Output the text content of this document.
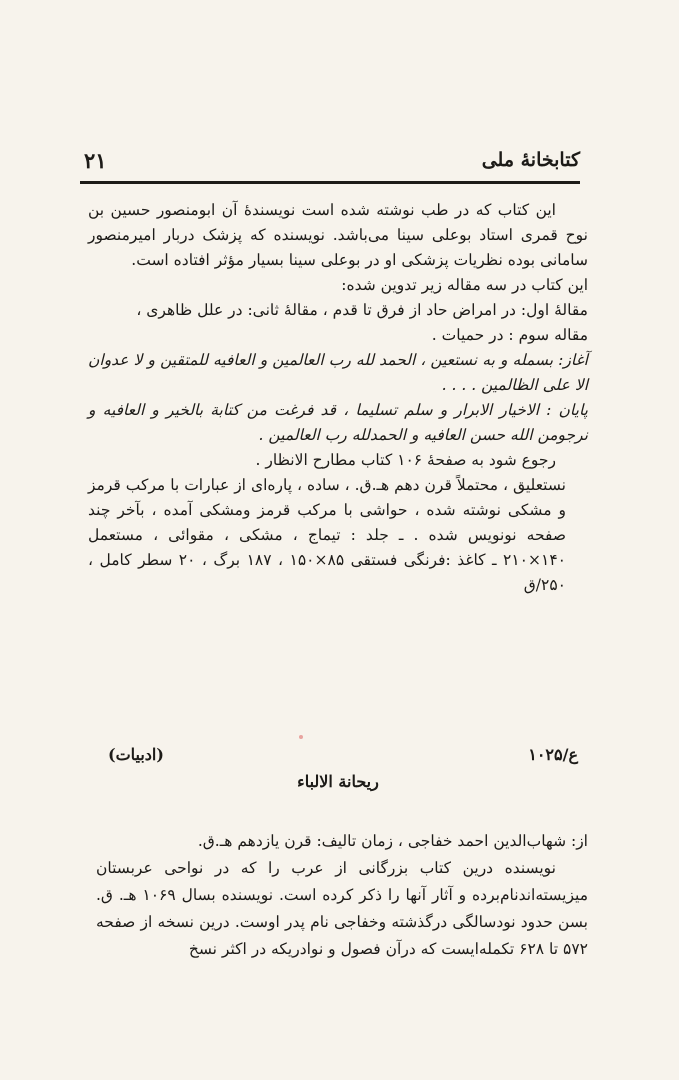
۲۱	کتابخانهٔ ملی

این کتاب که در طب نوشته شده است نویسندهٔ آن ابومنصور حسین بن نوح قمری استاد بوعلی سینا می‌باشد. نویسنده که پزشک دربار امیرمنصور سامانی بوده نظریات پزشکی او در بوعلی سینا بسیار مؤثر افتاده است.

این کتاب در سه مقاله زیر تدوین شده:

مقالهٔ اول: در امراض حاد از فرق تا قدم ، مقالهٔ ثانی: در علل ظاهری ،

مقاله سوم : در حمیات .

آغاز: بسمله و به نستعین ، الحمد لله رب العالمین و العافیه للمتقین و لا عدوان الا علی الظالمین . . . .

پایان : الاخیار الابرار و سلم تسلیما ، قد فرغت من کتابة بالخیر و العافیه و نرجومن الله حسن العافیه و الحمدلله رب العالمین .

رجوع شود به صفحهٔ ۱۰۶ کتاب مطارح الانظار .

نستعلیق ، محتملاً قرن دهم هـ.ق. ، ساده ، پاره‌ای از عبارات با مرکب قرمز و مشکی نوشته شده ، حواشی با مرکب قرمز ومشکی آمده ، بآخر چند صفحه نونویس شده . ـ جلد : تیماج ، مشکی ، مقوائی ، مستعمل ۱۴۰×۲۱۰ ـ کاغذ :فرنگی فستقی ۸۵×۱۵۰ ، ۱۸۷ برگ ، ۲۰ سطر کامل ، ۲۵۰/ق

(ادبیات)	۱۰۲۵/ع
ریحانة الالباء

از: شهاب‌الدین احمد خفاجی ، زمان تالیف: قرن یازدهم هـ.ق.

نویسنده درین کتاب بزرگانی از عرب را که در نواحی عربستان میزیسته‌اندنام‌برده و آثار آنها را ذکر کرده است. نویسنده بسال ۱۰۶۹ هـ. ق. بسن حدود نودسالگی درگذشته وخفاجی نام پدر اوست. درین نسخه از صفحه ۵۷۲ تا ۶۲۸ تکمله‌ایست که درآن فصول و نوادریکه در اکثر نسخ
